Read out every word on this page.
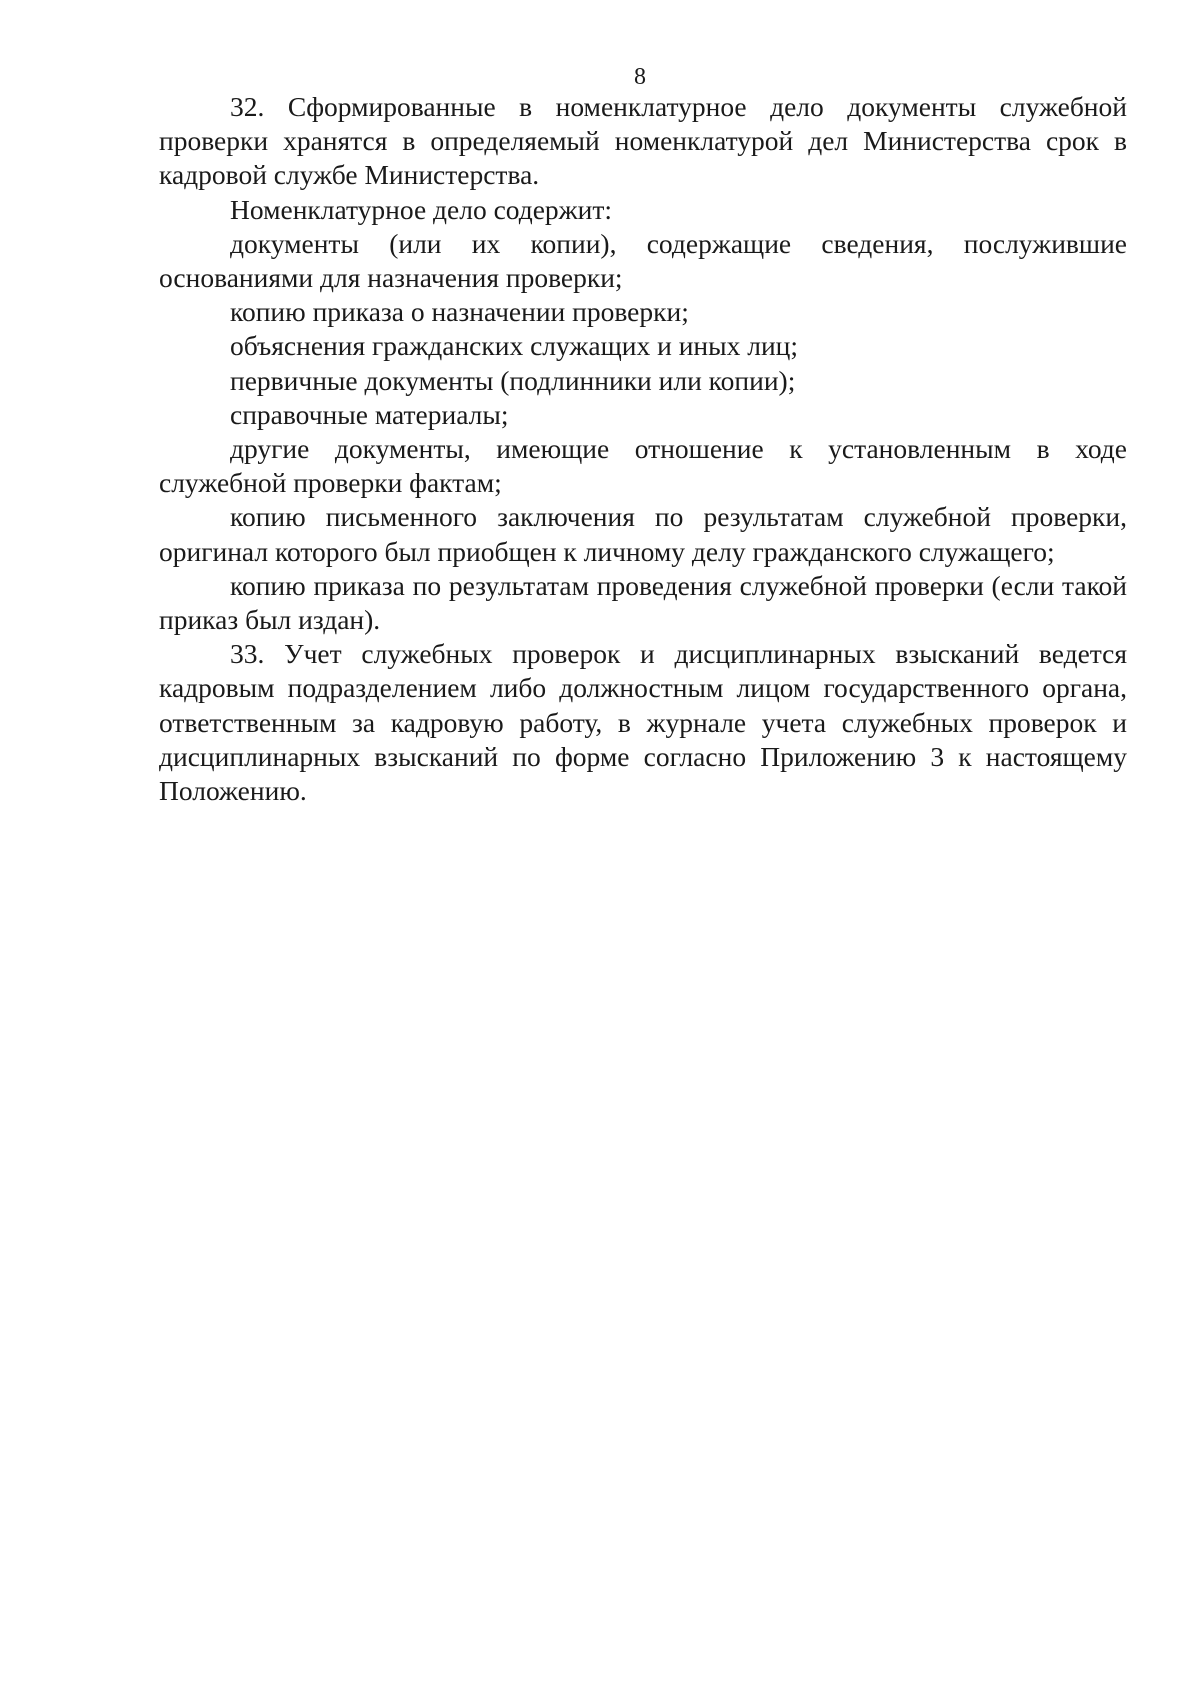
8

32. Сформированные в номенклатурное дело документы служебной проверки хранятся в определяемый номенклатурой дел Министерства срок в кадровой службе Министерства.

Номенклатурное дело содержит:

документы (или их копии), содержащие сведения, послужившие основаниями для назначения проверки;

копию приказа о назначении проверки;

объяснения гражданских служащих и иных лиц;

первичные документы (подлинники или копии);

справочные материалы;

другие документы, имеющие отношение к установленным в ходе служебной проверки фактам;

копию письменного заключения по результатам служебной проверки, оригинал которого был приобщен к личному делу гражданского служащего;

копию приказа по результатам проведения служебной проверки (если такой приказ был издан).

33. Учет служебных проверок и дисциплинарных взысканий ведется кадровым подразделением либо должностным лицом государственного органа, ответственным за кадровую работу, в журнале учета служебных проверок и дисциплинарных взысканий по форме согласно Приложению 3 к настоящему Положению.
